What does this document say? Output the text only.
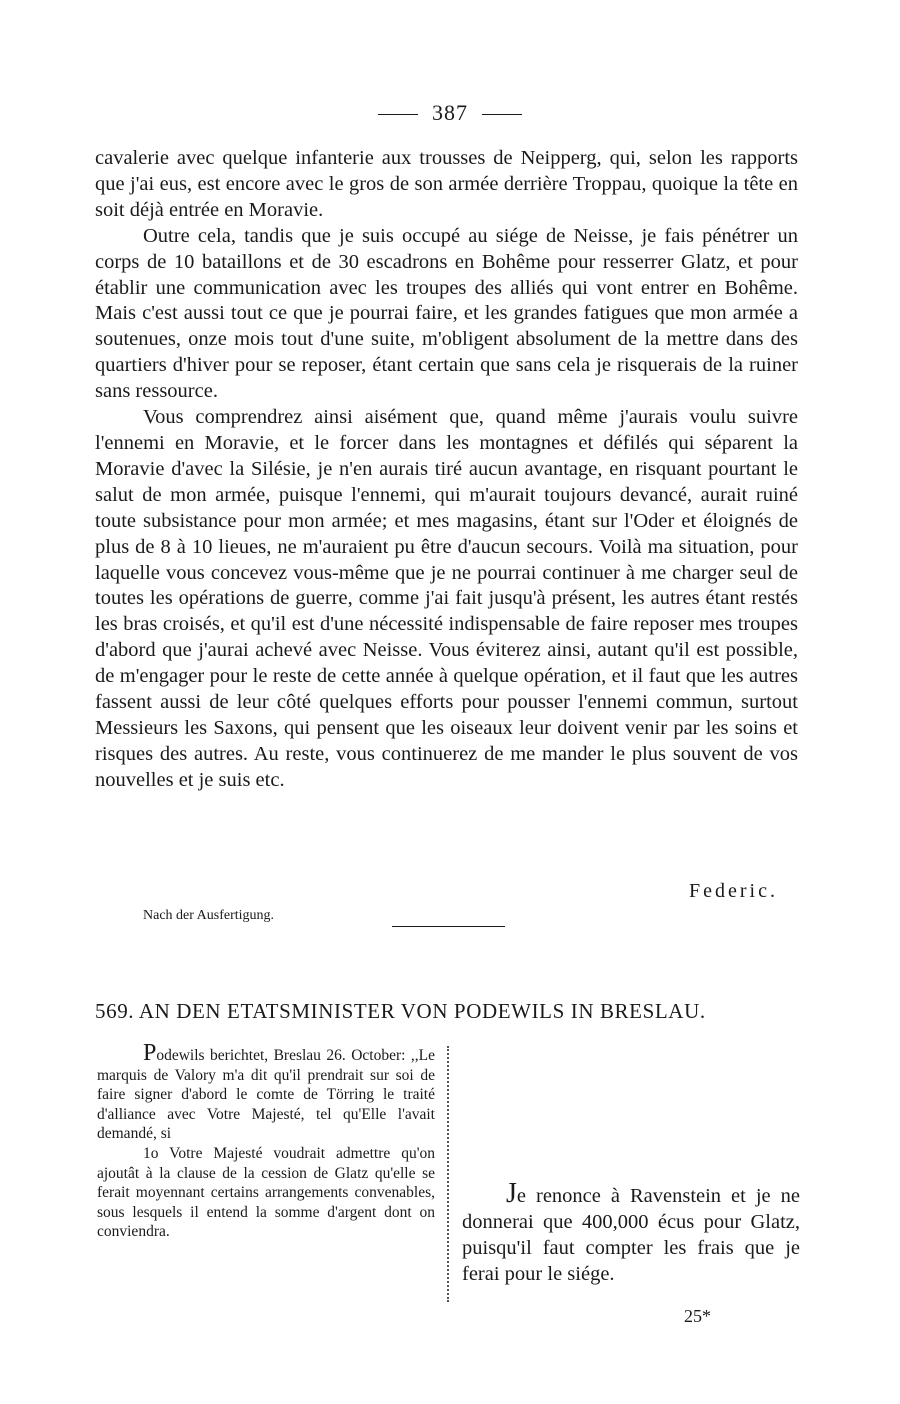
387

cavalerie avec quelque infanterie aux trousses de Neipperg, qui, selon les rapports que j'ai eus, est encore avec le gros de son armée derrière Troppau, quoique la tête en soit déjà entrée en Moravie.

Outre cela, tandis que je suis occupé au siége de Neisse, je fais pénétrer un corps de 10 bataillons et de 30 escadrons en Bohême pour resserrer Glatz, et pour établir une communication avec les troupes des alliés qui vont entrer en Bohême. Mais c'est aussi tout ce que je pourrai faire, et les grandes fatigues que mon armée a soutenues, onze mois tout d'une suite, m'obligent absolument de la mettre dans des quartiers d'hiver pour se reposer, étant certain que sans cela je risquerais de la ruiner sans ressource.

Vous comprendrez ainsi aisément que, quand même j'aurais voulu suivre l'ennemi en Moravie, et le forcer dans les montagnes et défilés qui séparent la Moravie d'avec la Silésie, je n'en aurais tiré aucun avantage, en risquant pourtant le salut de mon armée, puisque l'ennemi, qui m'aurait toujours devancé, aurait ruiné toute subsistance pour mon armée; et mes magasins, étant sur l'Oder et éloignés de plus de 8 à 10 lieues, ne m'auraient pu être d'aucun secours. Voilà ma situation, pour laquelle vous concevez vous-même que je ne pourrai continuer à me charger seul de toutes les opérations de guerre, comme j'ai fait jusqu'à présent, les autres étant restés les bras croisés, et qu'il est d'une nécessité indispensable de faire reposer mes troupes d'abord que j'aurai achevé avec Neisse. Vous éviterez ainsi, autant qu'il est possible, de m'engager pour le reste de cette année à quelque opération, et il faut que les autres fassent aussi de leur côté quelques efforts pour pousser l'ennemi commun, surtout Messieurs les Saxons, qui pensent que les oiseaux leur doivent venir par les soins et risques des autres. Au reste, vous continuerez de me mander le plus souvent de vos nouvelles et je suis etc.

Federic.
Nach der Ausfertigung.
569. AN DEN ETATSMINISTER VON PODEWILS IN BRESLAU.

Podewils berichtet, Breslau 26. October: ,,Le marquis de Valory m'a dit qu'il prendrait sur soi de faire signer d'abord le comte de Törring le traité d'alliance avec Votre Majesté, tel qu'Elle l'avait demandé, si

1o Votre Majesté voudrait admettre qu'on ajoutât à la clause de la cession de Glatz qu'elle se ferait moyennant certains arrangements convenables, sous lesquels il entend la somme d'argent dont on conviendra.

Je renonce à Ravenstein et je ne donnerai que 400,000 écus pour Glatz, puisqu'il faut compter les frais que je ferai pour le siége.

25*
